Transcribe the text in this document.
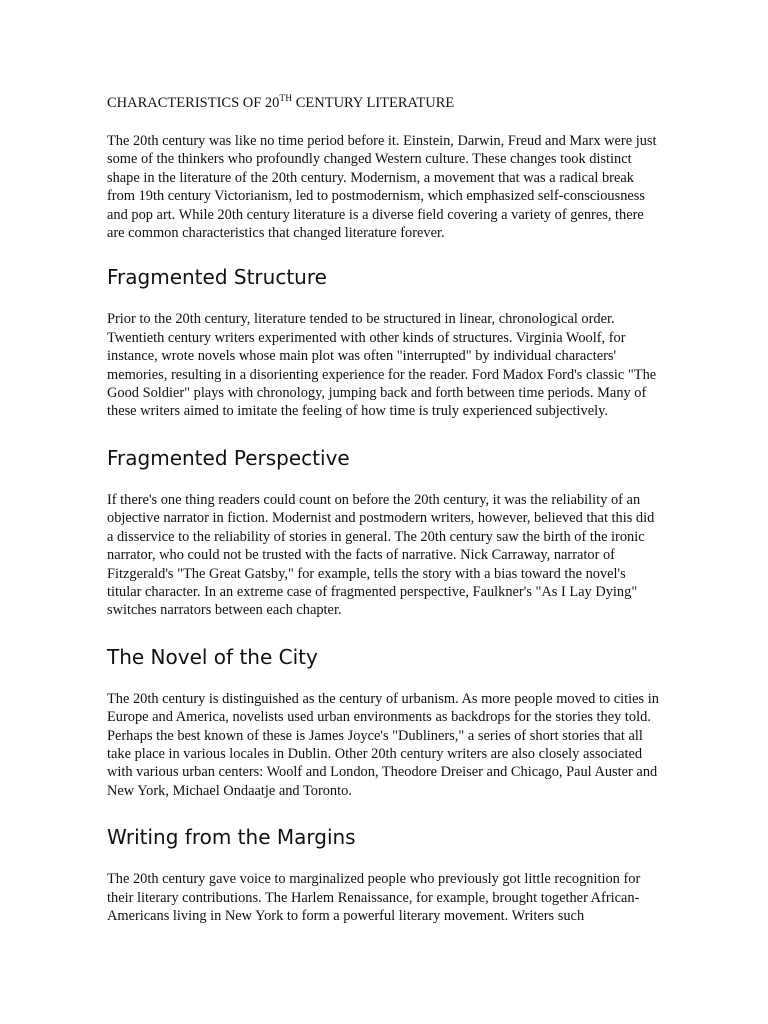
CHARACTERISTICS OF 20TH CENTURY LITERATURE

The 20th century was like no time period before it. Einstein, Darwin, Freud and Marx were just some of the thinkers who profoundly changed Western culture. These changes took distinct shape in the literature of the 20th century. Modernism, a movement that was a radical break from 19th century Victorianism, led to postmodernism, which emphasized self-consciousness and pop art. While 20th century literature is a diverse field covering a variety of genres, there are common characteristics that changed literature forever.

Fragmented Structure

Prior to the 20th century, literature tended to be structured in linear, chronological order. Twentieth century writers experimented with other kinds of structures. Virginia Woolf, for instance, wrote novels whose main plot was often "interrupted" by individual characters' memories, resulting in a disorienting experience for the reader. Ford Madox Ford's classic "The Good Soldier" plays with chronology, jumping back and forth between time periods. Many of these writers aimed to imitate the feeling of how time is truly experienced subjectively.

Fragmented Perspective

If there's one thing readers could count on before the 20th century, it was the reliability of an objective narrator in fiction. Modernist and postmodern writers, however, believed that this did a disservice to the reliability of stories in general. The 20th century saw the birth of the ironic narrator, who could not be trusted with the facts of narrative. Nick Carraway, narrator of Fitzgerald's "The Great Gatsby," for example, tells the story with a bias toward the novel's titular character. In an extreme case of fragmented perspective, Faulkner's "As I Lay Dying" switches narrators between each chapter.

The Novel of the City

The 20th century is distinguished as the century of urbanism. As more people moved to cities in Europe and America, novelists used urban environments as backdrops for the stories they told. Perhaps the best known of these is James Joyce's "Dubliners," a series of short stories that all take place in various locales in Dublin. Other 20th century writers are also closely associated with various urban centers: Woolf and London, Theodore Dreiser and Chicago, Paul Auster and New York, Michael Ondaatje and Toronto.

Writing from the Margins

The 20th century gave voice to marginalized people who previously got little recognition for their literary contributions. The Harlem Renaissance, for example, brought together African-Americans living in New York to form a powerful literary movement. Writers such
